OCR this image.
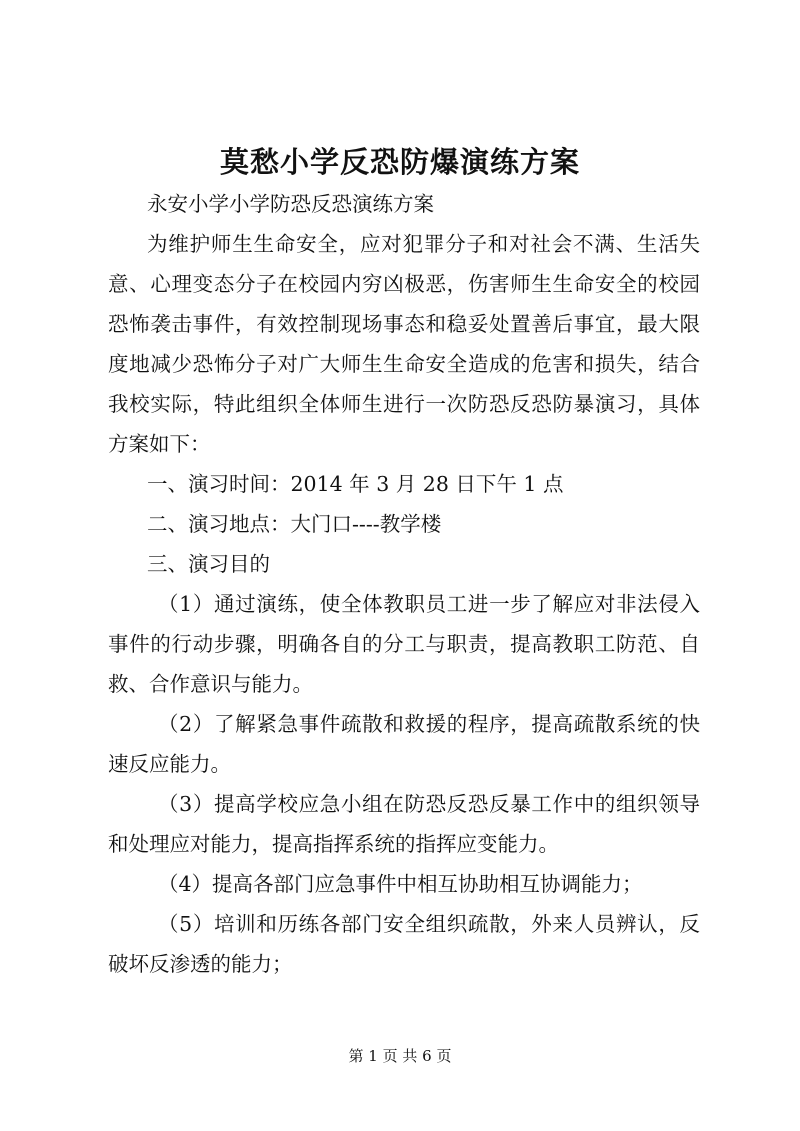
莫愁小学反恐防爆演练方案
永安小学小学防恐反恐演练方案
为维护师生生命安全，应对犯罪分子和对社会不满、生活失
意、心理变态分子在校园内穷凶极恶，伤害师生生命安全的校园
恐怖袭击事件，有效控制现场事态和稳妥处置善后事宜，最大限
度地减少恐怖分子对广大师生生命安全造成的危害和损失，结合
我校实际，特此组织全体师生进行一次防恐反恐防暴演习，具体
方案如下：
一、演习时间：2014 年 3 月 28 日下午 1 点
二、演习地点：大门口----教学楼
三、演习目的
（1）通过演练，使全体教职员工进一步了解应对非法侵入
事件的行动步骤，明确各自的分工与职责，提高教职工防范、自
救、合作意识与能力。
（2）了解紧急事件疏散和救援的程序，提高疏散系统的快
速反应能力。
（3）提高学校应急小组在防恐反恐反暴工作中的组织领导
和处理应对能力，提高指挥系统的指挥应变能力。
（4）提高各部门应急事件中相互协助相互协调能力；
（5）培训和历练各部门安全组织疏散，外来人员辨认，反
破坏反渗透的能力；
第 1 页 共 6 页
